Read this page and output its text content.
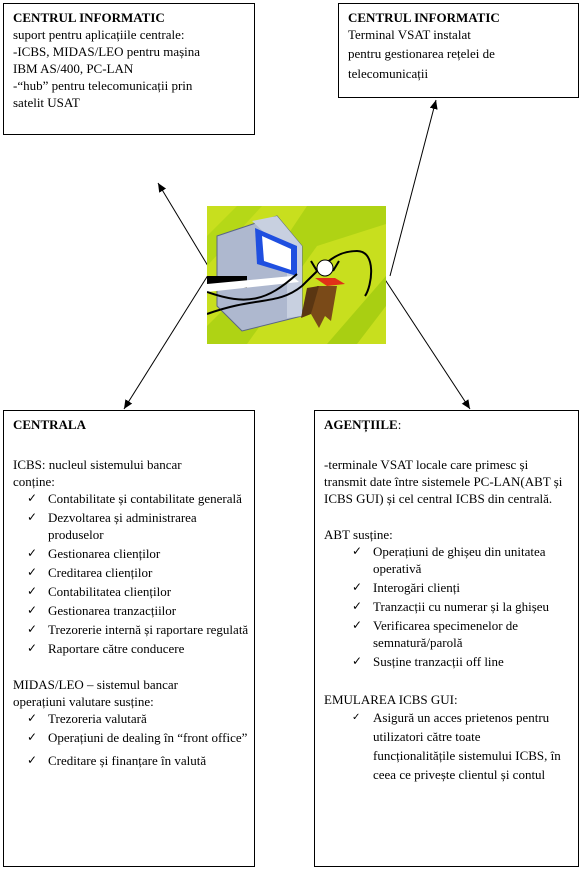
CENTRUL INFORMATIC
suport pentru aplicațiile centrale:
-ICBS, MIDAS/LEO pentru mașina
IBM AS/400, PC-LAN
-“hub” pentru telecomunicații prin
satelit USAT
CENTRUL INFORMATIC
Terminal VSAT instalat
pentru gestionarea rețelei de
telecomunicații
CENTRALA
ICBS: nucleul sistemului bancar
conține:
✓ Contabilitate și contabilitate generală
✓ Dezvoltarea și administrarea produselor
✓ Gestionarea clienților
✓ Creditarea clienților
✓ Contabilitatea clienților
✓ Gestionarea tranzacțiilor
✓ Trezorerie internă și raportare regulată
✓ Raportare către conducere
MIDAS/LEO – sistemul bancar
operațiuni valutare susține:
✓ Trezoreria valutară
✓ Operațiuni de dealing în “front office”
✓ Creditare și finanțare în valută
AGENȚIILE:
-terminale VSAT locale care primesc și transmit date între sistemele PC-LAN(ABT și ICBS GUI) și cel central ICBS din centrală.
ABT susține:
✓ Operațiuni de ghișeu din unitatea operativă
✓ Interogări clienți
✓ Tranzacții cu numerar și la ghișeu
✓ Verificarea specimenelor de semnatură/parolă
✓ Susține tranzacții off line
EMULAREA ICBS GUI:
✓ Asigură un acces prietenos pentru utilizatori către toate funcționalitățile sistemului ICBS, în ceea ce privește clientul și contul
